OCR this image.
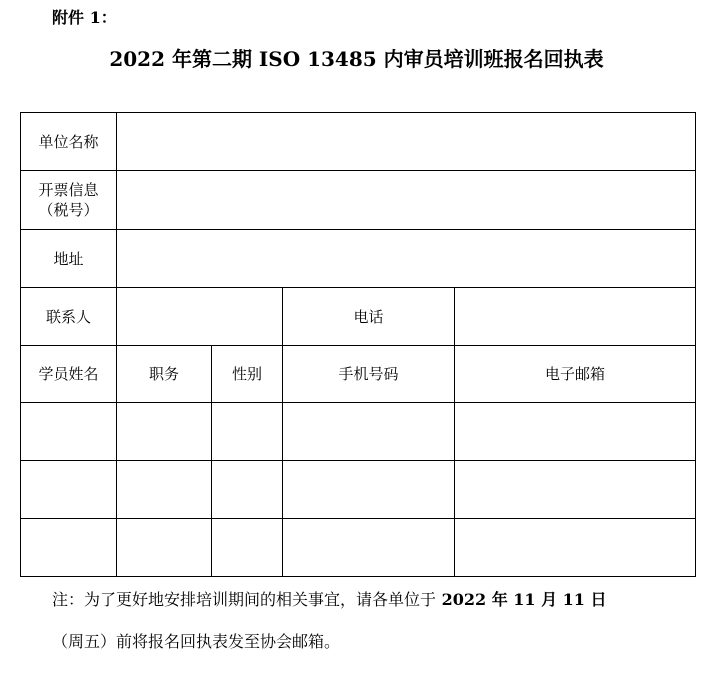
附件 1：
2022 年第二期 ISO 13485 内审员培训班报名回执表
单位名称				

开票信息
（税号）				

地址				
联系人			电话	
学员姓名	职务	性别	手机号码	电子邮箱

注：为了更好地安排培训期间的相关事宜，请各单位于 2022 年 11 月 11 日
（周五）前将报名回执表发至协会邮箱。
